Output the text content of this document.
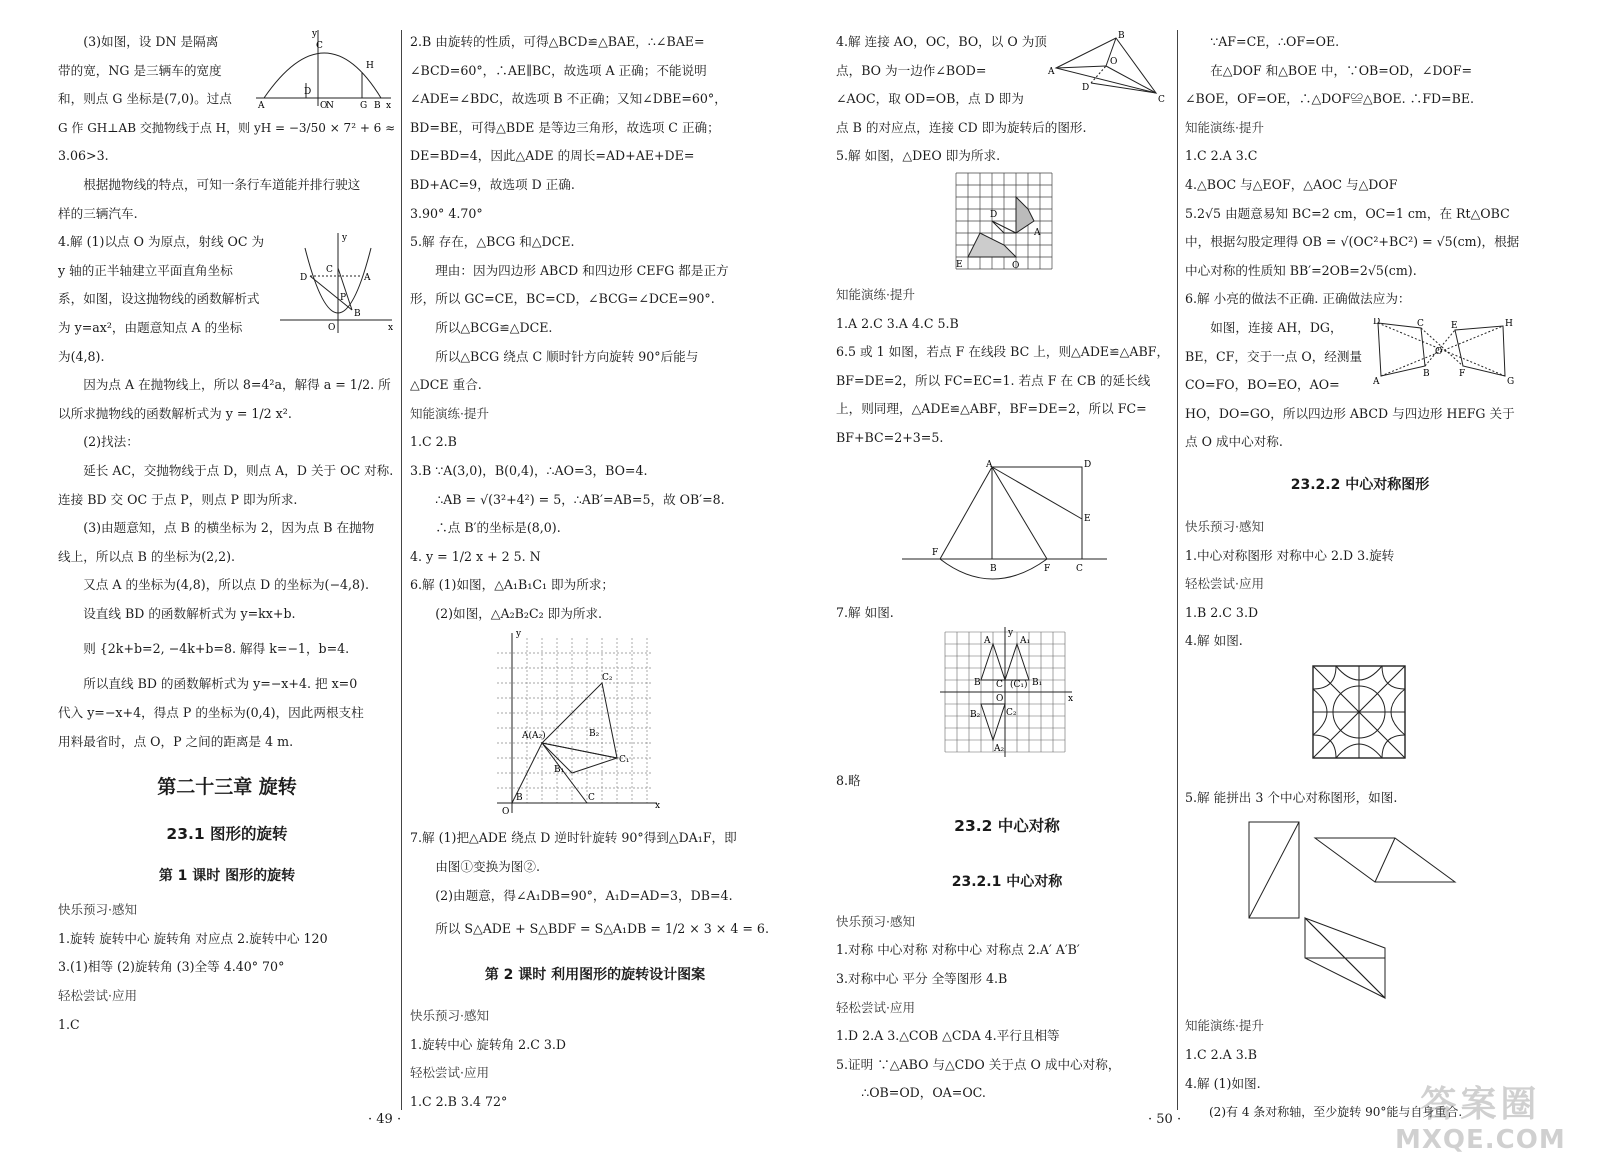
A
D
C
O
N	G
H
B x
y

(3)如图，设 DN 是隔离

带的宽，NG 是三辆车的宽度

和，则点 G 坐标是(7,0)。过点

G 作 GH⊥AB 交抛物线于点 H，则 yH = −3/50 × 7² + 6 ≈

3.06>3.

根据抛物线的特点，可知一条行车道能并排行驶这

样的三辆汽车.

D
C
A
P
B
O	x
y

4.解 (1)以点 O 为原点，射线 OC 为

y 轴的正半轴建立平面直角坐标

系，如图，设这抛物线的函数解析式

为 y=ax²，由题意知点 A 的坐标

为(4,8).

因为点 A 在抛物线上，所以 8=4²a，解得 a = 1/2. 所

以所求抛物线的函数解析式为 y = 1/2 x².

(2)找法：

延长 AC，交抛物线于点 D，则点 A，D 关于 OC 对称.

连接 BD 交 OC 于点 P，则点 P 即为所求.

(3)由题意知，点 B 的横坐标为 2，因为点 B 在抛物

线上，所以点 B 的坐标为(2,2).

又点 A 的坐标为(4,8)，所以点 D 的坐标为(−4,8).

设直线 BD 的函数解析式为 y=kx+b.

则 {2k+b=2, −4k+b=8. 解得 k=−1，b=4.

所以直线 BD 的函数解析式为 y=−x+4. 把 x=0

代入 y=−x+4，得点 P 的坐标为(0,4)，因此两根支柱

用料最省时，点 O，P 之间的距离是 4 m.

第二十三章 旋转

23.1 图形的旋转

第 1 课时 图形的旋转

快乐预习·感知

1.旋转 旋转中心 旋转角 对应点 2.旋转中心 120

3.(1)相等 (2)旋转角 (3)全等 4.40° 70°

轻松尝试·应用

1.C

2.B 由旋转的性质，可得△BCD≌△BAE，∴∠BAE=

∠BCD=60°，∴AE∥BC，故选项 A 正确；不能说明

∠ADE=∠BDC，故选项 B 不正确；又知∠DBE=60°，

BD=BE，可得△BDE 是等边三角形，故选项 C 正确；

DE=BD=4，因此△ADE 的周长=AD+AE+DE=

BD+AC=9，故选项 D 正确.

3.90° 4.70°

5.解 存在，△BCG 和△DCE.

理由：因为四边形 ABCD 和四边形 CEFG 都是正方

形，所以 GC=CE，BC=CD，∠BCG=∠DCE=90°.

所以△BCG≌△DCE.

所以△BCG 绕点 C 顺时针方向旋转 90°后能与

△DCE 重合.

知能演练·提升

1.C 2.B

3.B ∵A(3,0)，B(0,4)，∴AO=3，BO=4.

∴AB = √(3²+4²) = 5，∴AB′=AB=5，故 OB′=8.

∴点 B′的坐标是(8,0).

4. y = 1/2 x + 2 5. N

6.解 (1)如图，△A₁B₁C₁ 即为所求；

(2)如图，△A₂B₂C₂ 即为所求.

O
B	C
A(A₂)
C₂
C₁
B₂
B₁
x
y

7.解 (1)把△ADE 绕点 D 逆时针旋转 90°得到△DA₁F，即

由图①变换为图②.

(2)由题意，得∠A₁DB=90°，A₁D=AD=3，DB=4.

所以 S△ADE + S△BDF = S△A₁DB = 1/2 × 3 × 4 = 6.

第 2 课时 利用图形的旋转设计图案

快乐预习·感知

1.旋转中心 旋转角 2.C 3.D

轻松尝试·应用

1.C 2.B 3.4 72°

A
B
O
D
C

4.解 连接 AO，OC，BO，以 O 为顶

点，BO 为一边作∠BOD=

∠AOC，取 OD=OB，点 D 即为

点 B 的对应点，连接 CD 即为旋转后的图形.

5.解 如图，△DEO 即为所求.

E	O
A
D

知能演练·提升

1.A 2.C 3.A 4.C 5.B

6.5 或 1 如图，若点 F 在线段 BC 上，则△ADE≌△ABF，

BF=DE=2，所以 FC=EC=1. 若点 F 在 CB 的延长线

上，则同理，△ADE≌△ABF，BF=DE=2，所以 FC=

BF+BC=2+3=5.

A	D
E
F
B	F	C

7.解 如图.

A	A₁
B	B₁
C (C₁)
O
B₂	C₂
A₂
x
y

8.略

23.2 中心对称

23.2.1 中心对称

快乐预习·感知

1.对称 中心对称 对称中心 对称点 2.A′ A′B′

3.对称中心 平分 全等图形 4.B

轻松尝试·应用

1.D 2.A 3.△COB △CDA 4.平行且相等

5.证明 ∵△ABO 与△CDO 关于点 O 成中心对称，

∴OB=OD，OA=OC.

∵AF=CE，∴OF=OE.

在△DOF 和△BOE 中，∵OB=OD，∠DOF=

∠BOE，OF=OE，∴△DOF≌△BOE. ∴FD=BE.

知能演练·提升

1.C 2.A 3.C

4.△BOC 与△EOF，△AOC 与△DOF

5.2√5 由题意易知 BC=2 cm，OC=1 cm，在 Rt△OBC

中，根据勾股定理得 OB = √(OC²+BC²) = √5(cm)，根据

中心对称的性质知 BB′=2OB=2√5(cm).

6.解 小亮的做法不正确. 正确做法应为：

D	C
O
E	H
B
A
F
G

如图，连接 AH，DG，

BE，CF，交于一点 O，经测量

CO=FO，BO=EO，AO=

HO，DO=GO，所以四边形 ABCD 与四边形 HEFG 关于

点 O 成中心对称.

23.2.2 中心对称图形

快乐预习·感知

1.中心对称图形 对称中心 2.D 3.旋转

轻松尝试·应用

1.B 2.C 3.D

4.解 如图.

5.解 能拼出 3 个中心对称图形，如图.

知能演练·提升

1.C 2.A 3.B

4.解 (1)如图.

(2)有 4 条对称轴，至少旋转 90°能与自身重合.

· 49 ·	· 50 ·	答案圈
MXQE.COM
